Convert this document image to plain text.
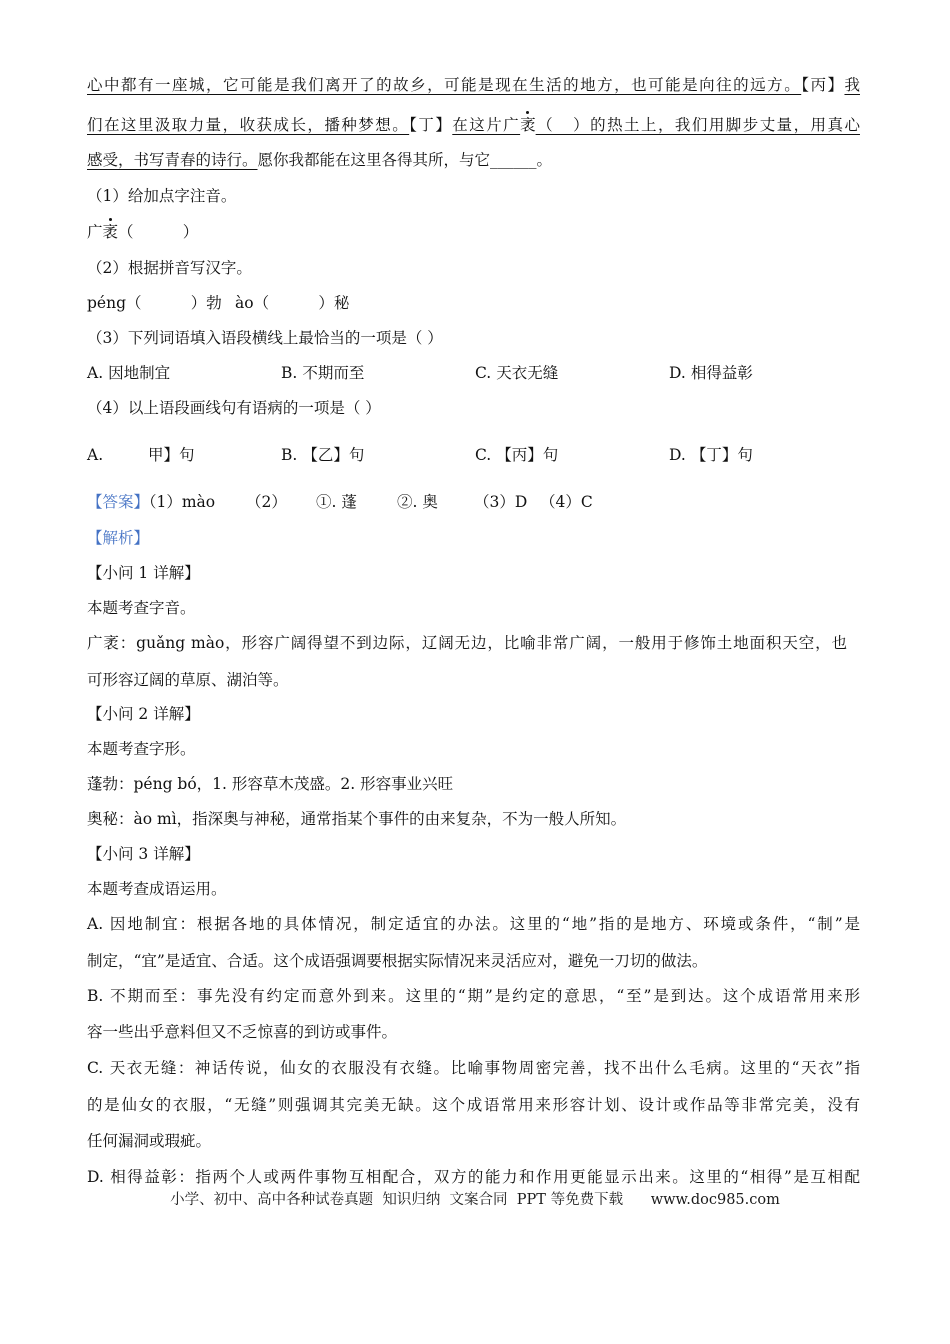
心中都有一座城，它可能是我们离开了的故乡，可能是现在生活的地方，也可能是向往的远方。【丙】我
们在这里汲取力量，收获成长，播种梦想。【丁】在这片广袤（   ）的热土上，我们用脚步丈量，用真心
感受，书写青春的诗行。愿你我都能在这里各得其所，与它______。
（1）给加点字注音。
广袤（          ）
（2）根据拼音写汉字。
péng（          ）勃 ào（          ）秘
（3）下列词语填入语段横线上最恰当的一项是（ ）
A. 因地制宜	B. 不期而至	C. 天衣无缝	D. 相得益彰
（4）以上语段画线句有语病的一项是（ ）
A.	甲】句	B. 【乙】句	C. 【丙】句	D. 【丁】句
【答案】
（1）mào （2） ①. 蓬	②. 奥 （3）D （4）C
【解析】
【小问 1 详解】
本题考查字音。
广袤：guǎng mào，形容广阔得望不到边际，辽阔无边，比喻非常广阔，一般用于修饰土地面积天空，也
可形容辽阔的草原、湖泊等。
【小问 2 详解】
本题考查字形。
蓬勃：péng bó，1. 形容草木茂盛。2. 形容事业兴旺
奥秘：ào mì，指深奥与神秘，通常指某个事件的由来复杂，不为一般人所知。
【小问 3 详解】
本题考查成语运用。
A. 因地制宜：根据各地的具体情况，制定适宜的办法。这里的“地”指的是地方、环境或条件，“制”是
制定，“宜”是适宜、合适。这个成语强调要根据实际情况来灵活应对，避免一刀切的做法。
B. 不期而至：事先没有约定而意外到来。这里的“期”是约定的意思，“至”是到达。这个成语常用来形
容一些出乎意料但又不乏惊喜的到访或事件。
C. 天衣无缝：神话传说，仙女的衣服没有衣缝。比喻事物周密完善，找不出什么毛病。这里的“天衣”指
的是仙女的衣服，“无缝”则强调其完美无缺。这个成语常用来形容计划、设计或作品等非常完美，没有
任何漏洞或瑕疵。
D. 相得益彰：指两个人或两件事物互相配合，双方的能力和作用更能显示出来。这里的“相得”是互相配
小学、初中、高中各种试卷真题  知识归纳  文案合同  PPT 等免费下载      www.doc985.com
